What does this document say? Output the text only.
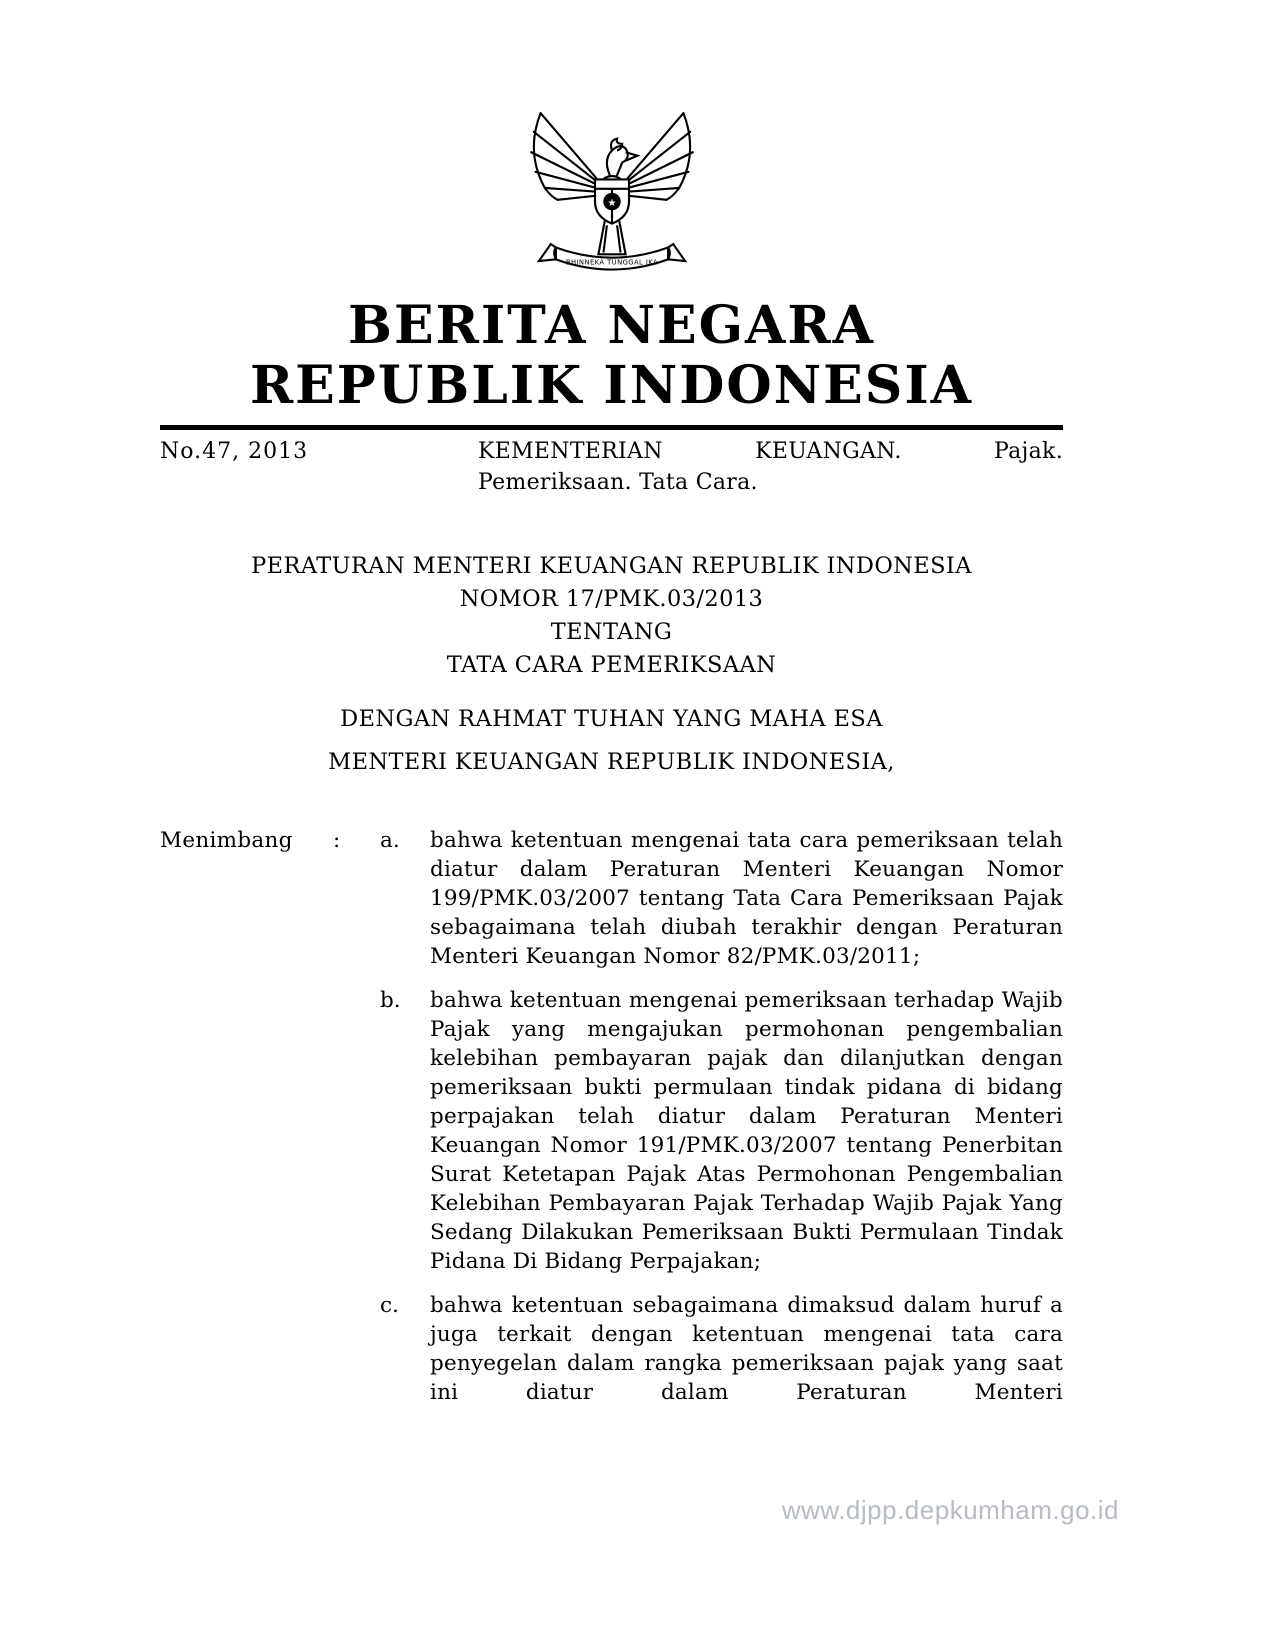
★
BHINNEKA TUNGGAL IKA
BERITA NEGARA
REPUBLIK INDONESIA
No.47, 2013	KEMENTERIAN KEUANGAN. Pajak.
Pemeriksaan. Tata Cara.
PERATURAN MENTERI KEUANGAN REPUBLIK INDONESIA
NOMOR 17/PMK.03/2013
TENTANG
TATA CARA PEMERIKSAAN
DENGAN RAHMAT TUHAN YANG MAHA ESA
MENTERI KEUANGAN REPUBLIK INDONESIA,
Menimbang	:	a.	bahwa ketentuan mengenai tata cara pemeriksaan telah diatur dalam Peraturan Menteri Keuangan Nomor 199/PMK.03/2007 tentang Tata Cara Pemeriksaan Pajak sebagaimana telah diubah terakhir dengan Peraturan Menteri Keuangan Nomor 82/PMK.03/2011;
b.	bahwa ketentuan mengenai pemeriksaan terhadap Wajib Pajak yang mengajukan permohonan pengembalian kelebihan pembayaran pajak dan dilanjutkan dengan pemeriksaan bukti permulaan tindak pidana di bidang perpajakan telah diatur dalam Peraturan Menteri Keuangan Nomor 191/PMK.03/2007 tentang Penerbitan Surat Ketetapan Pajak Atas Permohonan Pengembalian Kelebihan Pembayaran Pajak Terhadap Wajib Pajak Yang Sedang Dilakukan Pemeriksaan Bukti Permulaan Tindak Pidana Di Bidang Perpajakan;
c.	bahwa ketentuan sebagaimana dimaksud dalam huruf a juga terkait dengan ketentuan mengenai tata cara penyegelan dalam rangka pemeriksaan pajak yang saat ini diatur dalam Peraturan Menteri
www.djpp.depkumham.go.id
